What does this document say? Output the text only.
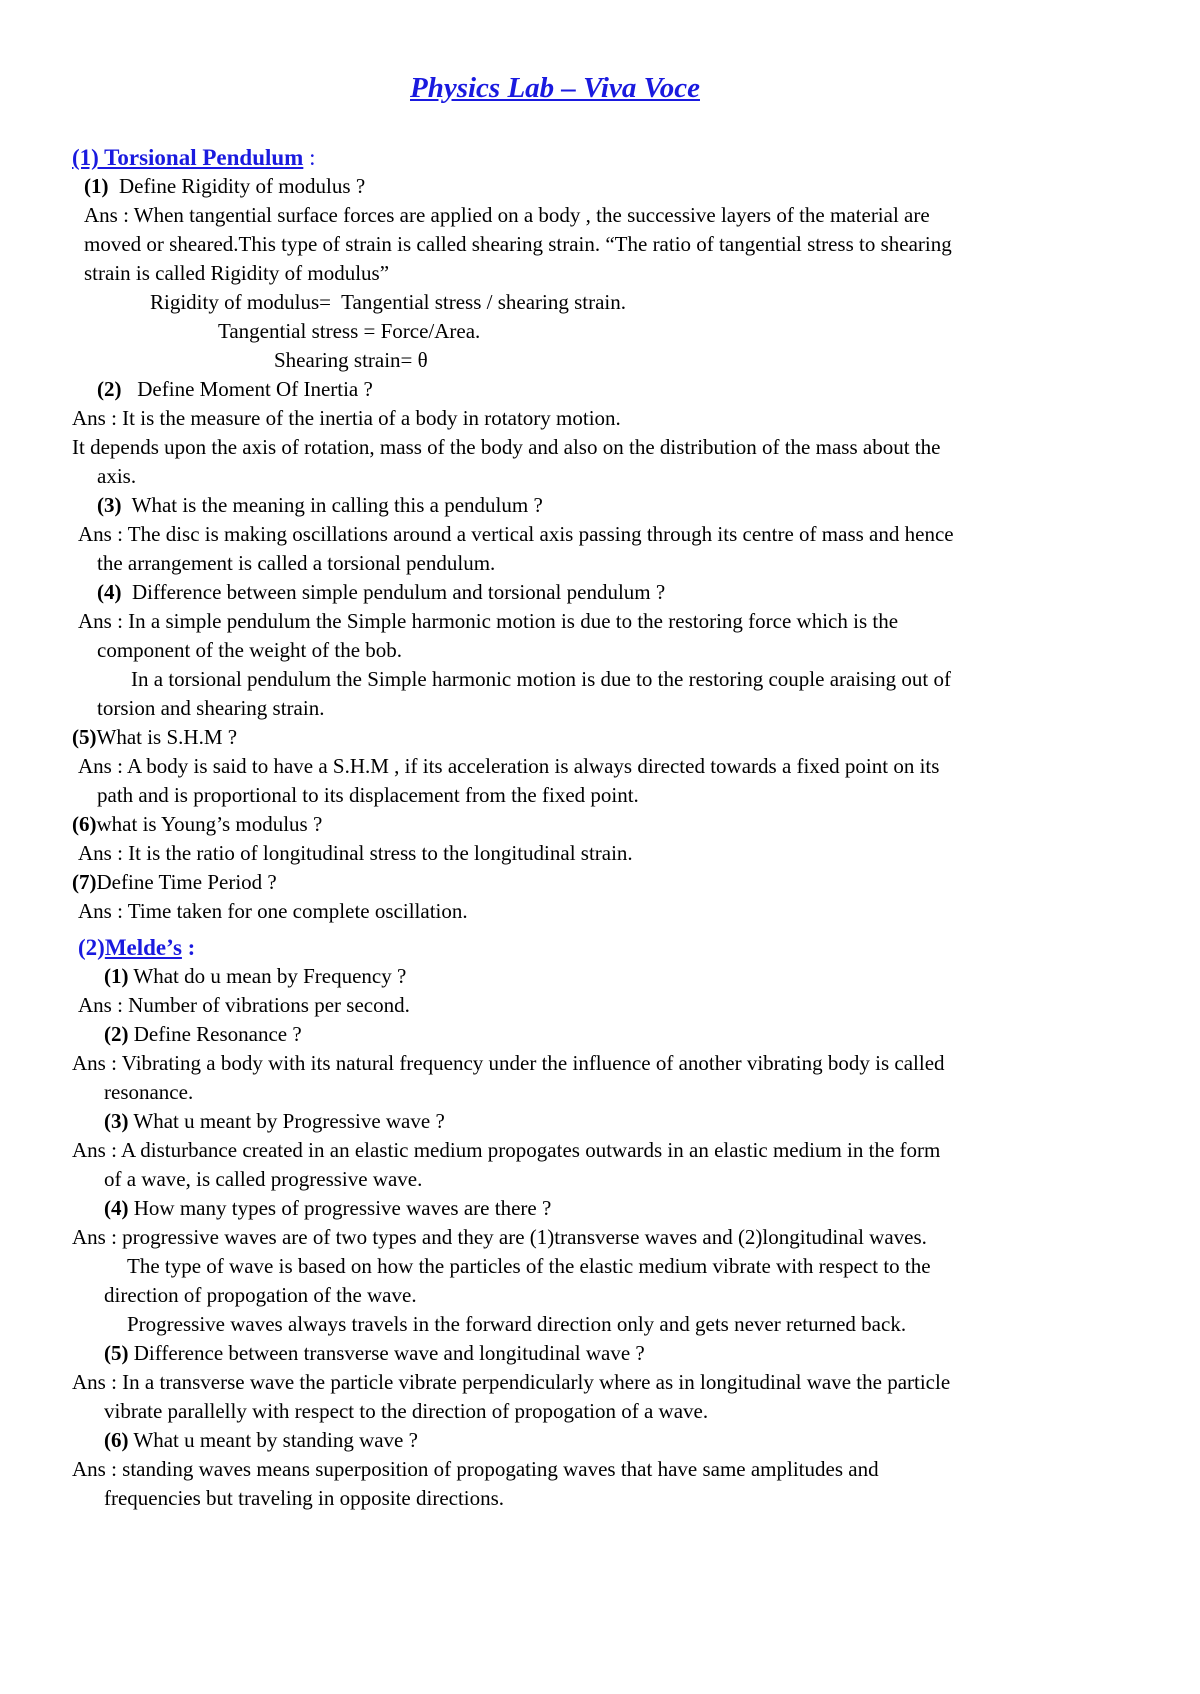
Physics Lab – Viva Voce
(1) Torsional Pendulum :
(1)  Define Rigidity of modulus ?
Ans : When tangential surface forces are applied on a body , the successive layers of the material are
moved or sheared.This type of strain is called shearing strain. “The ratio of tangential stress to shearing
strain is called Rigidity of modulus”
Rigidity of modulus=  Tangential stress / shearing strain.
Tangential stress = Force/Area.
Shearing strain= θ
(2)   Define Moment Of Inertia ?
Ans : It is the measure of the inertia of a body in rotatory motion.
It depends upon the axis of rotation, mass of the body and also on the distribution of the mass about the
axis.
(3)  What is the meaning in calling this a pendulum ?
Ans : The disc is making oscillations around a vertical axis passing through its centre of mass and hence
the arrangement is called a torsional pendulum.
(4)  Difference between simple pendulum and torsional pendulum ?
Ans : In a simple pendulum the Simple harmonic motion is due to the restoring force which is the
component of the weight of the bob.
In a torsional pendulum the Simple harmonic motion is due to the restoring couple araising out of
torsion and shearing strain.
(5)What is S.H.M ?
Ans : A body is said to have a S.H.M , if its acceleration is always directed towards a fixed point on its
path and is proportional to its displacement from the fixed point.
(6)what is Young’s modulus ?
Ans : It is the ratio of longitudinal stress to the longitudinal strain.
(7)Define Time Period ?
Ans : Time taken for one complete oscillation.
(2)Melde’s :
(1) What do u mean by Frequency ?
Ans : Number of vibrations per second.
(2) Define Resonance ?
Ans : Vibrating a body with its natural frequency under the influence of another vibrating body is called
resonance.
(3) What u meant by Progressive wave ?
Ans : A disturbance created in an elastic medium propogates outwards in an elastic medium in the form
of a wave, is called progressive wave.
(4) How many types of progressive waves are there ?
Ans : progressive waves are of two types and they are (1)transverse waves and (2)longitudinal waves.
The type of wave is based on how the particles of the elastic medium vibrate with respect to the
direction of propogation of the wave.
Progressive waves always travels in the forward direction only and gets never returned back.
(5) Difference between transverse wave and longitudinal wave ?
Ans : In a transverse wave the particle vibrate perpendicularly where as in longitudinal wave the particle
vibrate parallelly with respect to the direction of propogation of a wave.
(6) What u meant by standing wave ?
Ans : standing waves means superposition of propogating waves that have same amplitudes and
frequencies but traveling in opposite directions.
